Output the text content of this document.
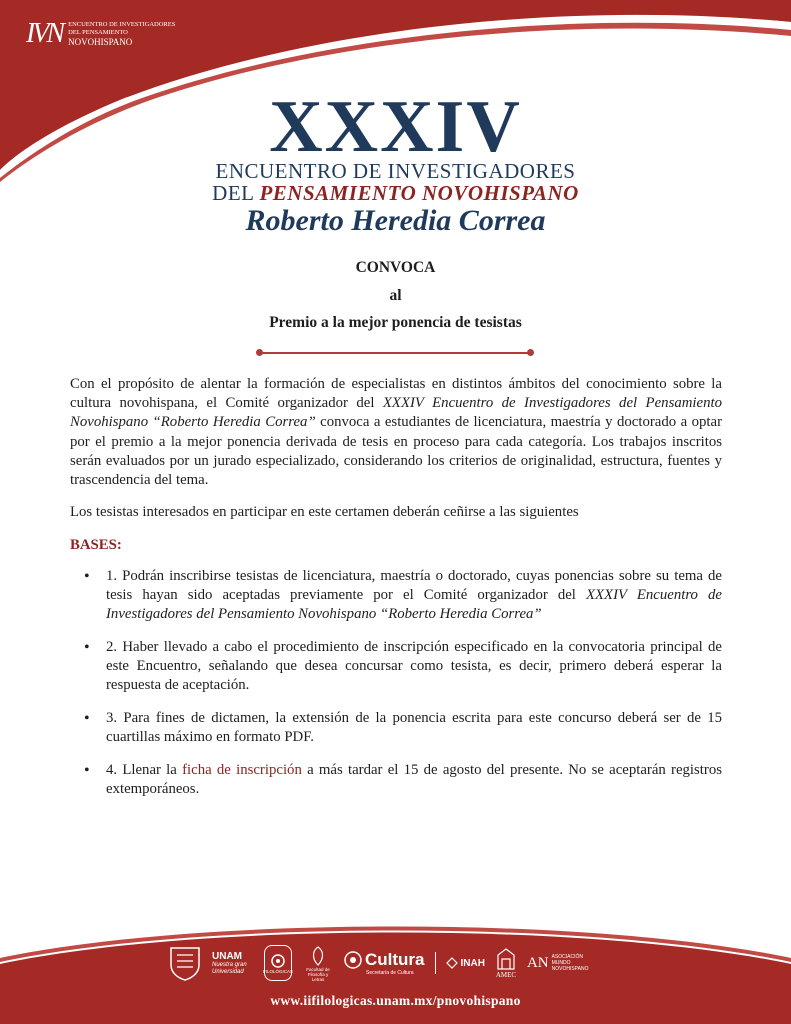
IVN ENCUENTRO DE INVESTIGADORES
DEL PENSAMIENTO
NOVOHISPANO
XXXIV
ENCUENTRO DE INVESTIGADORES
DEL PENSAMIENTO NOVOHISPANO
Roberto Heredia Correa
CONVOCA
al
Premio a la mejor ponencia de tesistas

Con el propósito de alentar la formación de especialistas en distintos ámbitos del conocimiento sobre la cultura novohispana, el Comité organizador del XXXIV Encuentro de Investigadores del Pensamiento Novohispano “Roberto Heredia Correa” convoca a estudiantes de licenciatura, maestría y doctorado a optar por el premio a la mejor ponencia derivada de tesis en proceso para cada categoría. Los trabajos inscritos serán evaluados por un jurado especializado, considerando los criterios de originalidad, estructura, fuentes y trascendencia del tema.

Los tesistas interesados en participar en este certamen deberán ceñirse a las siguientes

BASES:
• 1. Podrán inscribirse tesistas de licenciatura, maestría o doctorado, cuyas ponencias sobre su tema de tesis hayan sido aceptadas previamente por el Comité organizador del XXXIV Encuentro de Investigadores del Pensamiento Novohispano “Roberto Heredia Correa”
• 2. Haber llevado a cabo el procedimiento de inscripción especificado en la convocatoria principal de este Encuentro, señalando que desea concursar como tesista, es decir, primero deberá esperar la respuesta de aceptación.
• 3. Para fines de dictamen, la extensión de la ponencia escrita para este concurso deberá ser de 15 cuartillas máximo en formato PDF.
• 4. Llenar la ficha de inscripción a más tardar el 15 de agosto del presente. No se aceptarán registros extemporáneos.
UNAM
Nuestra gran Universidad	FILOLÓGICAS	Facultad de Filosofía y Letras
Cultura
Secretaría de Cultura
INAH
AMEC
AN ASOCIACIÓN MUNDO NOVOHISPANO
www.iifilologicas.unam.mx/pnovohispano
